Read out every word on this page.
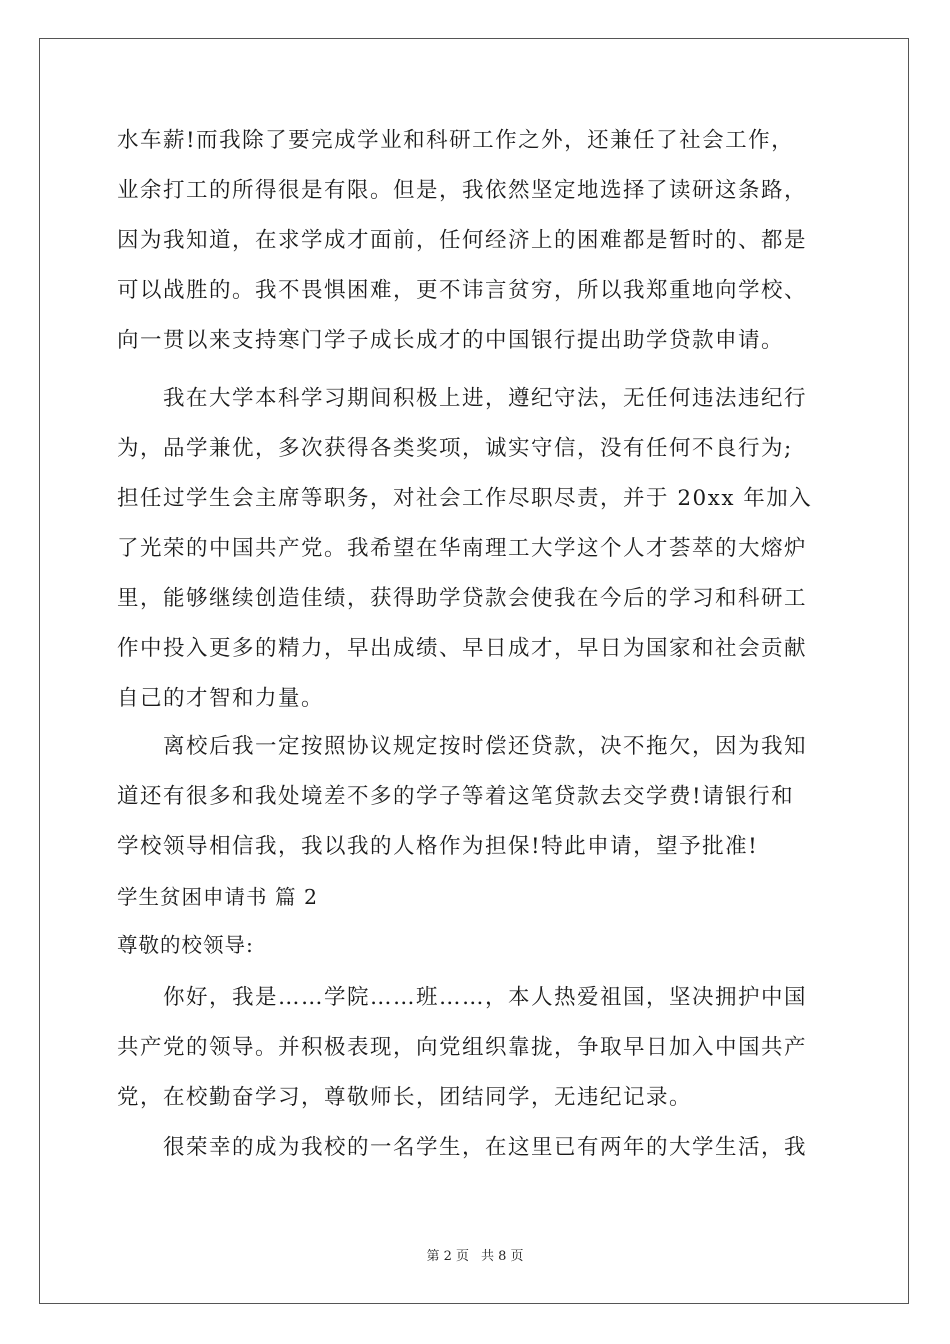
水车薪!而我除了要完成学业和科研工作之外，还兼任了社会工作，
业余打工的所得很是有限。但是，我依然坚定地选择了读研这条路，
因为我知道，在求学成才面前，任何经济上的困难都是暂时的、都是
可以战胜的。我不畏惧困难，更不讳言贫穷，所以我郑重地向学校、
向一贯以来支持寒门学子成长成才的中国银行提出助学贷款申请。
我在大学本科学习期间积极上进，遵纪守法，无任何违法违纪行
为，品学兼优，多次获得各类奖项，诚实守信，没有任何不良行为;
担任过学生会主席等职务，对社会工作尽职尽责，并于 20xx 年加入
了光荣的中国共产党。我希望在华南理工大学这个人才荟萃的大熔炉
里，能够继续创造佳绩，获得助学贷款会使我在今后的学习和科研工
作中投入更多的精力，早出成绩、早日成才，早日为国家和社会贡献
自己的才智和力量。
离校后我一定按照协议规定按时偿还贷款，决不拖欠，因为我知
道还有很多和我处境差不多的学子等着这笔贷款去交学费!请银行和
学校领导相信我，我以我的人格作为担保!特此申请，望予批准!
学生贫困申请书 篇 2
尊敬的校领导:
你好，我是……学院……班……，本人热爱祖国，坚决拥护中国
共产党的领导。并积极表现，向党组织靠拢，争取早日加入中国共产
党，在校勤奋学习，尊敬师长，团结同学，无违纪记录。
很荣幸的成为我校的一名学生，在这里已有两年的大学生活，我
第 2 页 共 8 页
